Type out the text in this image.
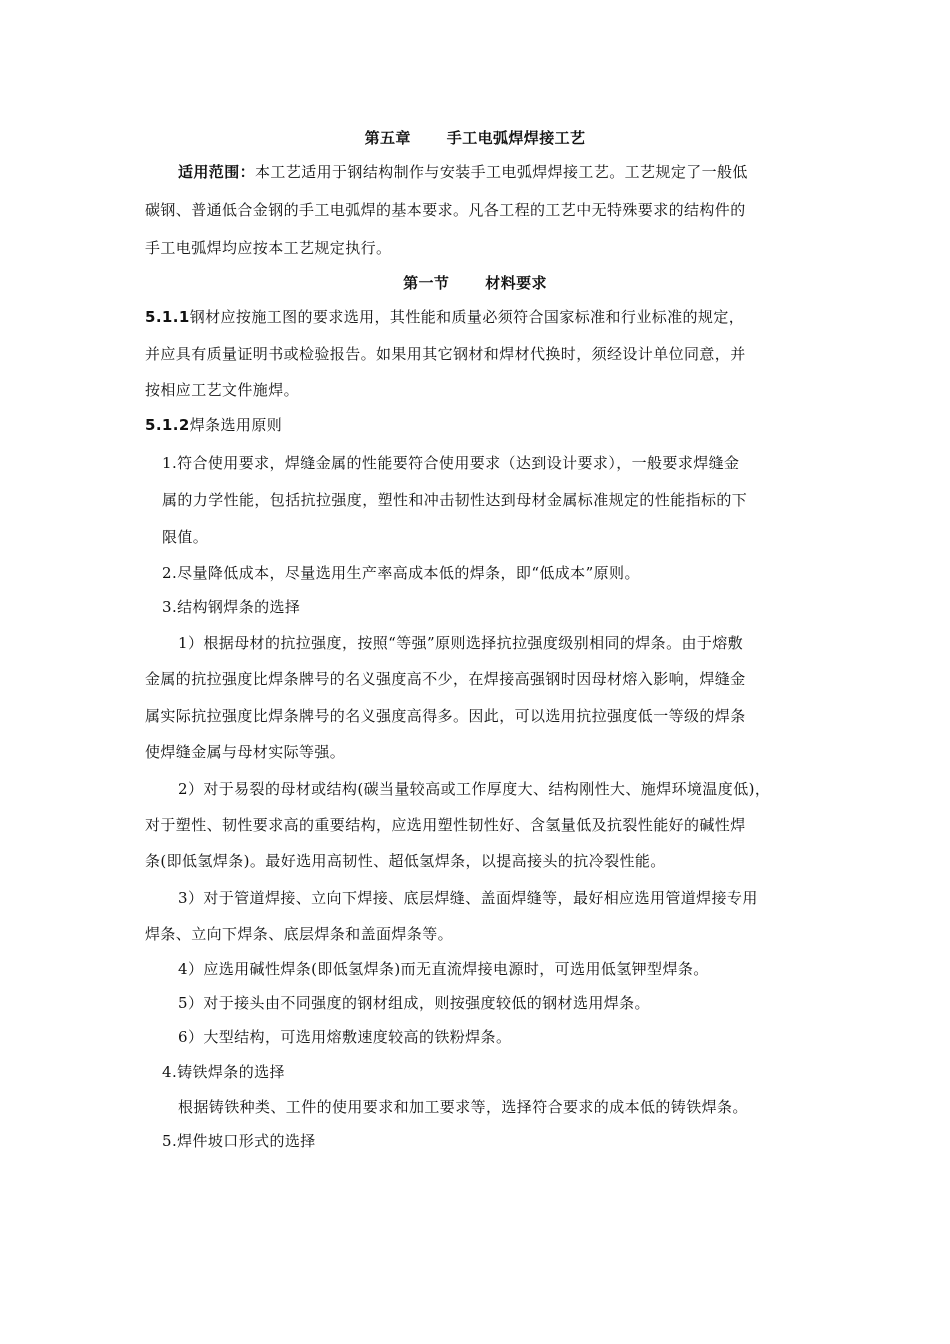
第五章 手工电弧焊焊接工艺
适用范围：本工艺适用于钢结构制作与安装手工电弧焊焊接工艺。工艺规定了一般低
碳钢、普通低合金钢的手工电弧焊的基本要求。凡各工程的工艺中无特殊要求的结构件的
手工电弧焊均应按本工艺规定执行。
第一节 材料要求
5.1.1钢材应按施工图的要求选用，其性能和质量必须符合国家标准和行业标准的规定，
并应具有质量证明书或检验报告。如果用其它钢材和焊材代换时，须经设计单位同意，并
按相应工艺文件施焊。
5.1.2焊条选用原则
1.符合使用要求，焊缝金属的性能要符合使用要求（达到设计要求），一般要求焊缝金
属的力学性能，包括抗拉强度，塑性和冲击韧性达到母材金属标准规定的性能指标的下
限值。
2.尽量降低成本，尽量选用生产率高成本低的焊条，即“低成本”原则。
3.结构钢焊条的选择
1）根据母材的抗拉强度，按照“等强”原则选择抗拉强度级别相同的焊条。由于熔敷
金属的抗拉强度比焊条牌号的名义强度高不少，在焊接高强钢时因母材熔入影响，焊缝金
属实际抗拉强度比焊条牌号的名义强度高得多。因此，可以选用抗拉强度低一等级的焊条
使焊缝金属与母材实际等强。
2）对于易裂的母材或结构(碳当量较高或工作厚度大、结构刚性大、施焊环境温度低)，
对于塑性、韧性要求高的重要结构，应选用塑性韧性好、含氢量低及抗裂性能好的碱性焊
条(即低氢焊条)。最好选用高韧性、超低氢焊条，以提高接头的抗冷裂性能。
3）对于管道焊接、立向下焊接、底层焊缝、盖面焊缝等，最好相应选用管道焊接专用
焊条、立向下焊条、底层焊条和盖面焊条等。
4）应选用碱性焊条(即低氢焊条)而无直流焊接电源时，可选用低氢钾型焊条。
5）对于接头由不同强度的钢材组成，则按强度较低的钢材选用焊条。
6）大型结构，可选用熔敷速度较高的铁粉焊条。
4.铸铁焊条的选择
根据铸铁种类、工件的使用要求和加工要求等，选择符合要求的成本低的铸铁焊条。
5.焊件坡口形式的选择
